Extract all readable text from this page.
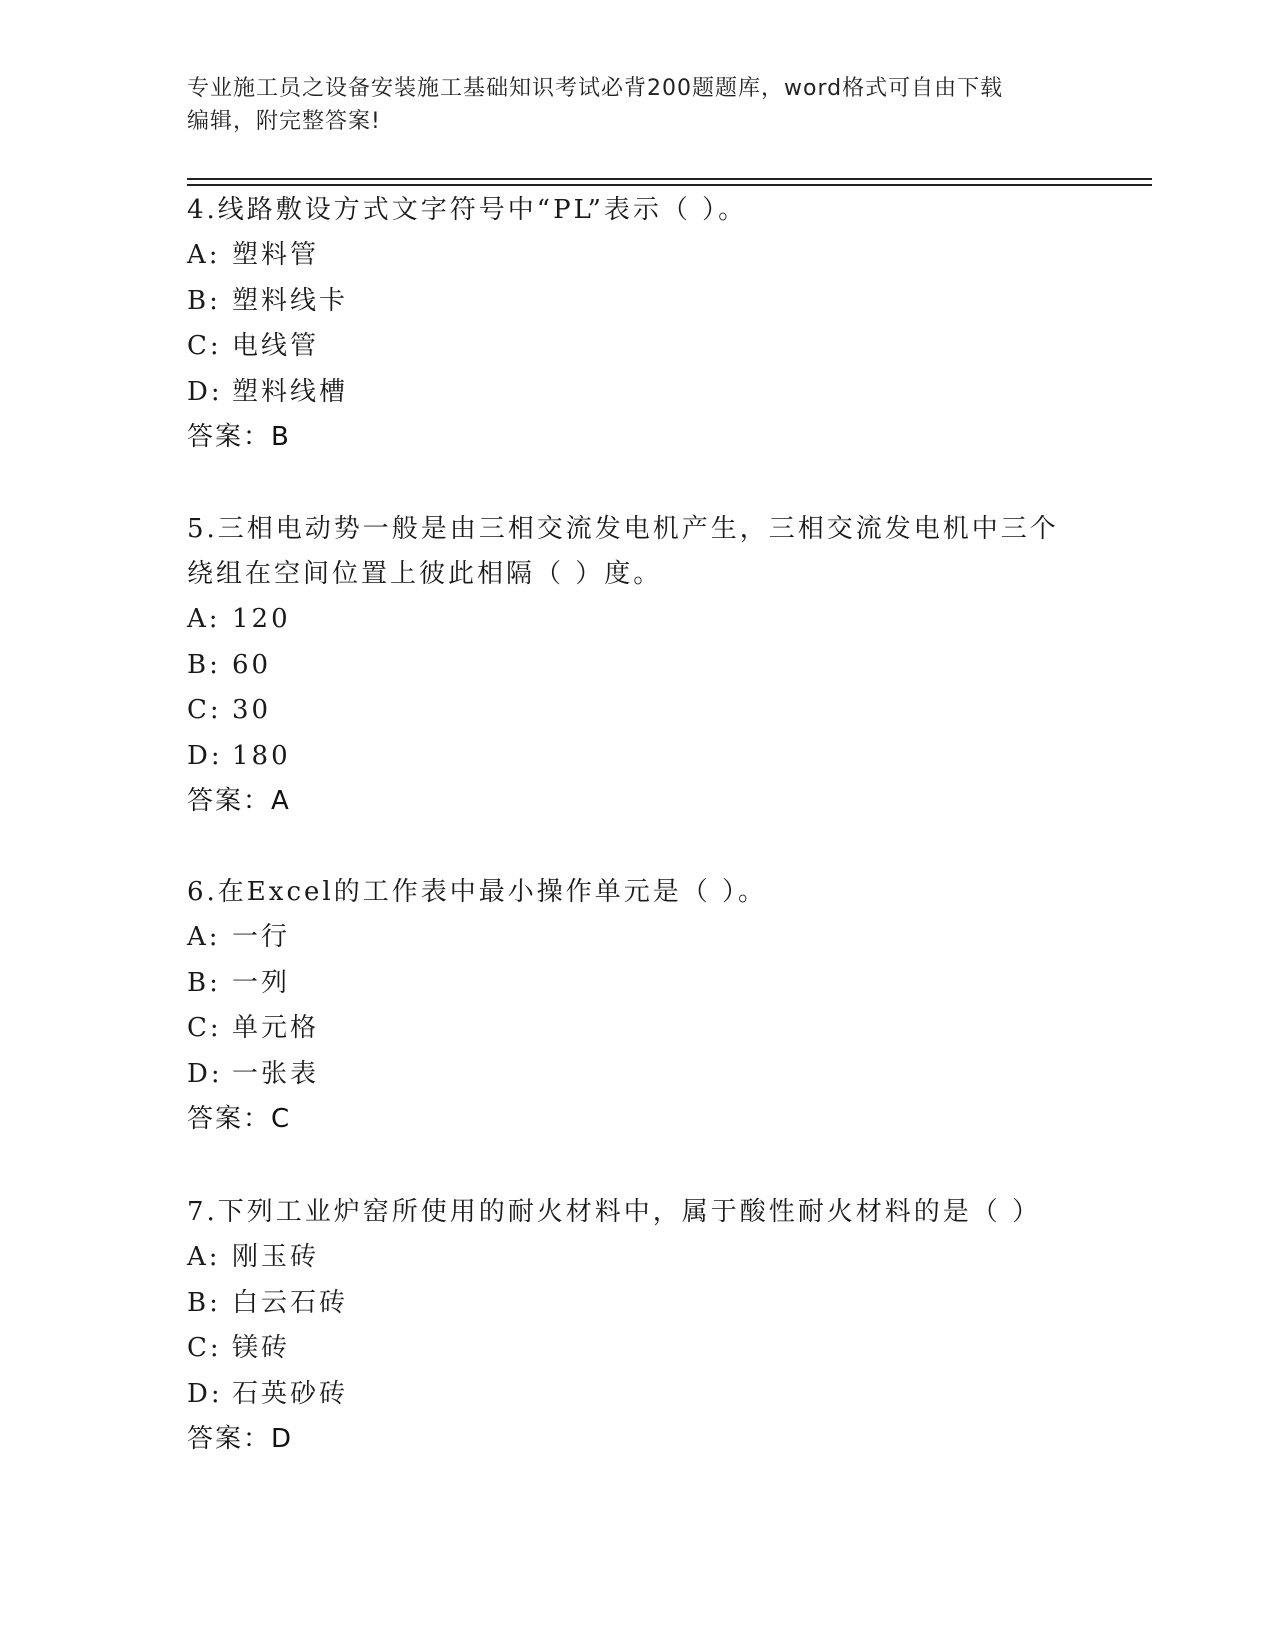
专业施工员之设备安装施工基础知识考试必背200题题库，word格式可自由下载
编辑，附完整答案!
4.线路敷设方式文字符号中“PL”表示（ ）。
A: 塑料管
B: 塑料线卡
C: 电线管
D: 塑料线槽
答案：B
5.三相电动势一般是由三相交流发电机产生，三相交流发电机中三个
绕组在空间位置上彼此相隔（ ）度。
A: 120
B: 60
C: 30
D: 180
答案：A
6.在Excel的工作表中最小操作单元是（ ）。
A: 一行
B: 一列
C: 单元格
D: 一张表
答案：C
7.下列工业炉窑所使用的耐火材料中，属于酸性耐火材料的是（ ）
A: 刚玉砖
B: 白云石砖
C: 镁砖
D: 石英砂砖
答案：D
